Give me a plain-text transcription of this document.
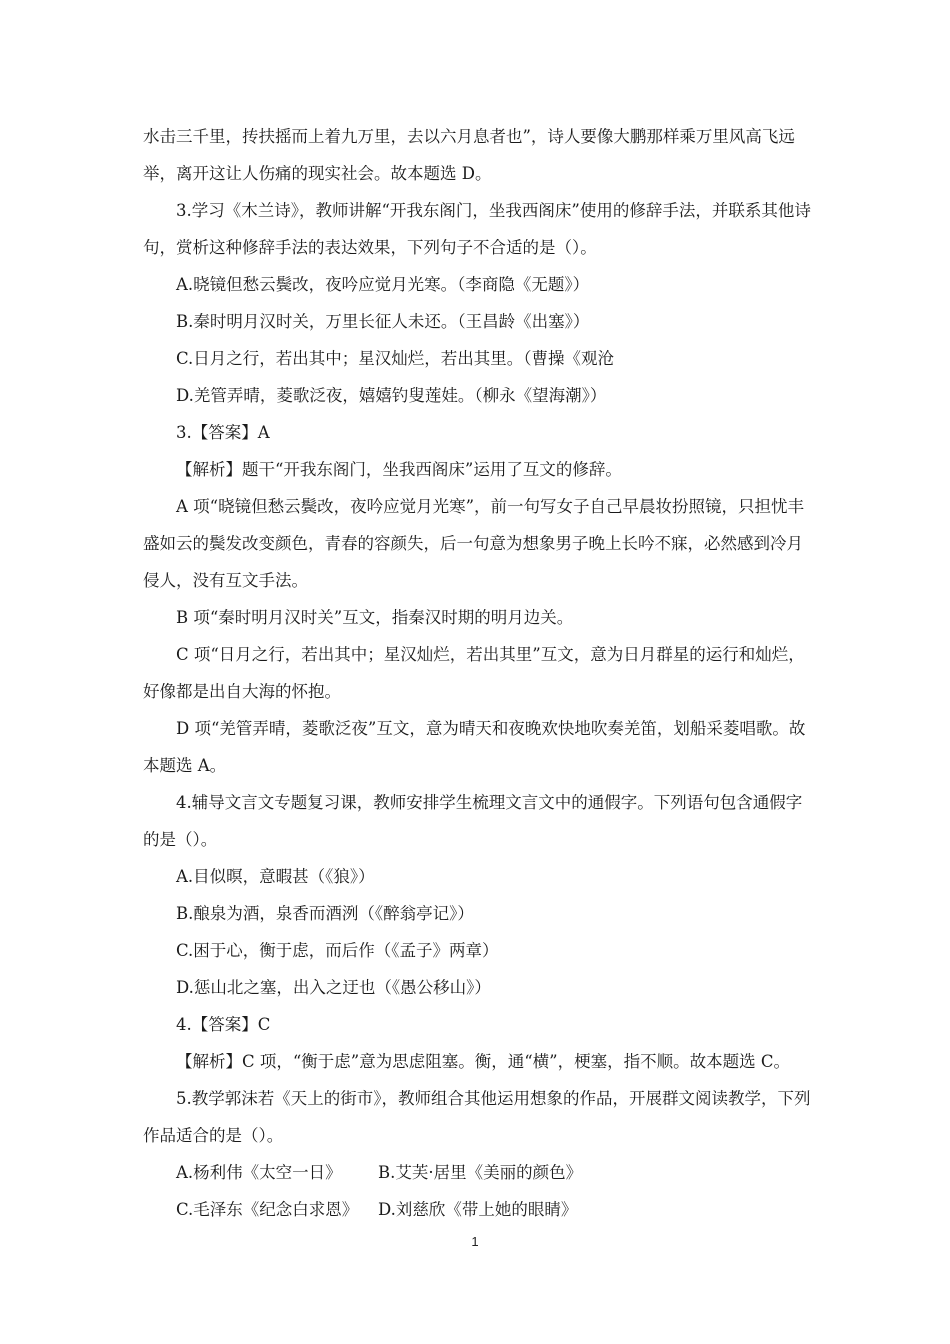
水击三千里，抟扶摇而上着九万里，去以六月息者也”，诗人要像大鹏那样乘万里风高飞远举，离开这让人伤痛的现实社会。故本题选 D。

3.学习《木兰诗》，教师讲解“开我东阁门，坐我西阁床”使用的修辞手法，并联系其他诗句，赏析这种修辞手法的表达效果，下列句子不合适的是（）。

A.晓镜但愁云鬓改，夜吟应觉月光寒。（李商隐《无题》）

B.秦时明月汉时关，万里长征人未还。（王昌龄《出塞》）

C.日月之行，若出其中；星汉灿烂，若出其里。（曹操《观沧

D.羌管弄晴，菱歌泛夜，嬉嬉钓叟莲娃。（柳永《望海潮》）

3.【答案】A

【解析】题干“开我东阁门，坐我西阁床”运用了互文的修辞。

A 项“晓镜但愁云鬓改，夜吟应觉月光寒”，前一句写女子自己早晨妆扮照镜，只担忧丰盛如云的鬓发改变颜色，青春的容颜失，后一句意为想象男子晚上长吟不寐，必然感到冷月侵人，没有互文手法。

B 项“秦时明月汉时关”互文，指秦汉时期的明月边关。

C 项“日月之行，若出其中；星汉灿烂，若出其里”互文，意为日月群星的运行和灿烂，好像都是出自大海的怀抱。

D 项“羌管弄晴，菱歌泛夜”互文，意为晴天和夜晚欢快地吹奏羌笛，划船采菱唱歌。故本题选 A。

4.辅导文言文专题复习课，教师安排学生梳理文言文中的通假字。下列语句包含通假字的是（）。

A.目似暝，意暇甚（《狼》）

B.酿泉为酒，泉香而酒洌（《醉翁亭记》）

C.困于心，衡于虑，而后作（《孟子》两章）

D.惩山北之塞，出入之迂也（《愚公移山》）

4.【答案】C

【解析】C 项，“衡于虑”意为思虑阻塞。衡，通“横”，梗塞，指不顺。故本题选 C。

5.教学郭沫若《天上的街市》，教师组合其他运用想象的作品，开展群文阅读教学，下列作品适合的是（）。

A.杨利伟《太空一日》 B.艾芙·居里《美丽的颜色》

C.毛泽东《纪念白求恩》 D.刘慈欣《带上她的眼睛》

1
